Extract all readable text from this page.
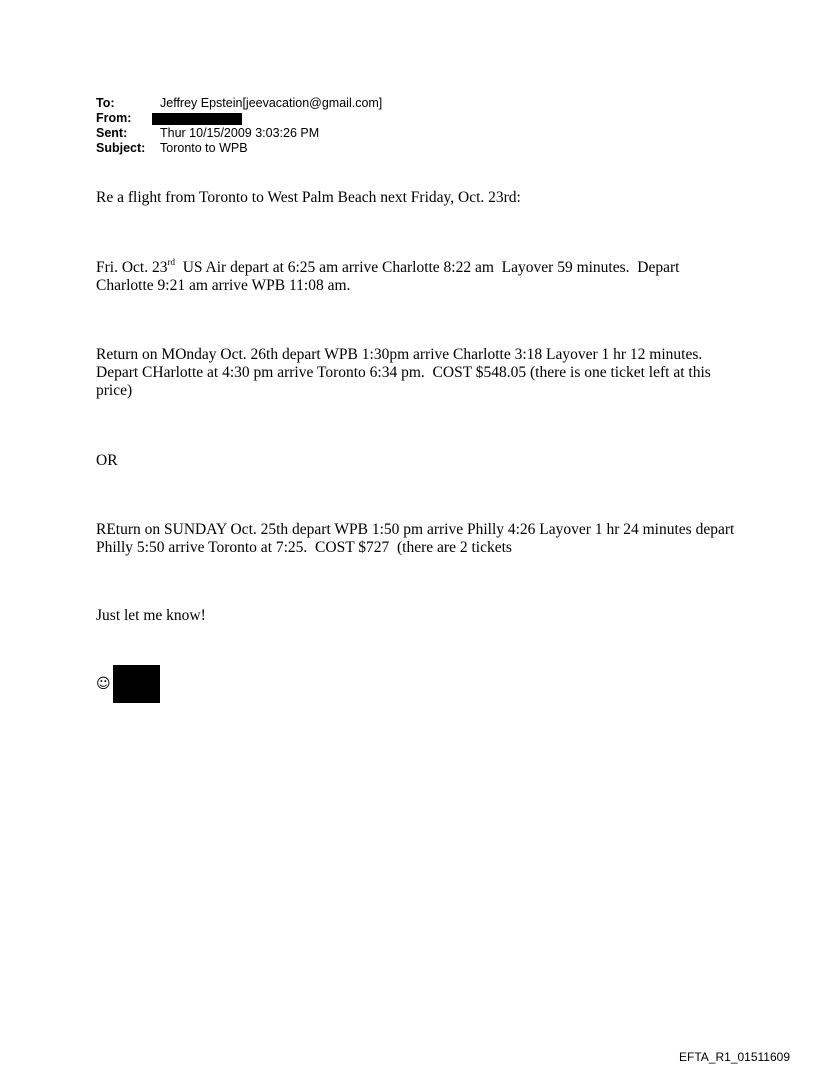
To:	Jeffrey Epstein[jeevacation@gmail.com]
From:
Sent:	Thur 10/15/2009 3:03:26 PM
Subject:	Toronto to WPB

Re a flight from Toronto to West Palm Beach next Friday, Oct. 23rd:

Fri. Oct. 23rd  US Air depart at 6:25 am arrive Charlotte 8:22 am  Layover 59 minutes.  Depart Charlotte 9:21 am arrive WPB 11:08 am.

Return on MOnday Oct. 26th depart WPB 1:30pm arrive Charlotte 3:18 Layover 1 hr 12 minutes.  Depart CHarlotte at 4:30 pm arrive Toronto 6:34 pm.  COST $548.05 (there is one ticket left at this price)

OR

REturn on SUNDAY Oct. 25th depart WPB 1:50 pm arrive Philly 4:26 Layover 1 hr 24 minutes depart Philly 5:50 arrive Toronto at 7:25.  COST $727  (there are 2 tickets

Just let me know!

☺
EFTA_R1_01511609
